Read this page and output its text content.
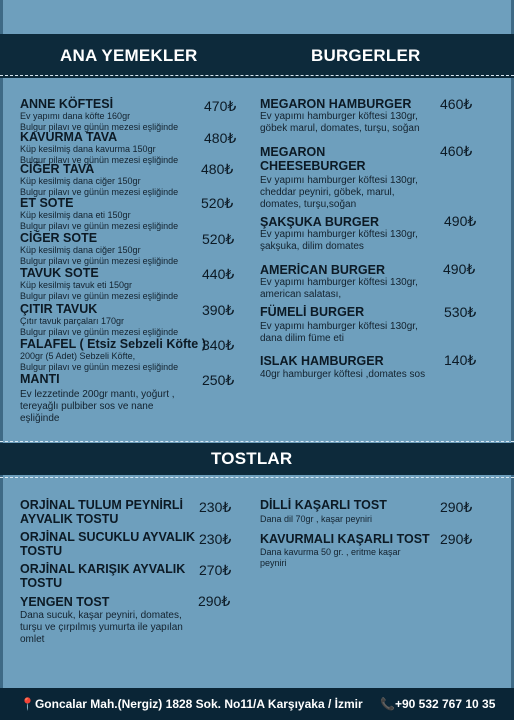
ANA YEMEKLER	BURGERLER
ANNE KÖFTESİ
Ev yapımı dana köfte 160gr
Bulgur pilavı ve günün mezesi eşliğinde
470₺
KAVURMA TAVA
Küp kesilmiş dana kavurma 150gr
Bulgur pilavı ve günün mezesi eşliğinde
480₺
CİĞER TAVA
Küp kesilmiş dana ciğer 150gr
Bulgur pilavı ve günün mezesi eşliğinde
480₺
ET SOTE
Küp kesilmiş dana eti 150gr
Bulgur pilavı ve günün mezesi eşliğinde
520₺
CİĞER SOTE
Küp kesilmiş dana ciğer 150gr
Bulgur pilavı ve günün mezesi eşliğinde
520₺
TAVUK SOTE
Küp kesilmiş tavuk eti 150gr
Bulgur pilavı ve günün mezesi eşliğinde
440₺
ÇITIR TAVUK
Çıtır tavuk parçaları 170gr
Bulgur pilavı ve günün mezesi eşliğinde
390₺
FALAFEL ( Etsiz Sebzeli Köfte )
200gr (5 Adet) Sebzeli Köfte,
Bulgur pilavı ve günün mezesi eşliğinde
340₺
MANTI
Ev lezzetinde 200gr mantı, yoğurt ,
tereyağlı pulbiber sos ve nane
eşliğinde
250₺
MEGARON HAMBURGER
Ev yapımı hamburger köftesi 130gr,
göbek marul, domates, turşu, soğan
460₺
MEGARON
CHEESEBURGER
Ev yapımı hamburger köftesi 130gr,
cheddar peyniri, göbek, marul,
domates, turşu,soğan
460₺
ŞAKŞUKA BURGER
Ev yapımı hamburger köftesi 130gr,
şakşuka, dilim domates
490₺
AMERİCAN BURGER
Ev yapımı hamburger köftesi 130gr,
american salatası,
490₺
FÜMELİ BURGER
Ev yapımı hamburger köftesi 130gr,
dana dilim füme eti
530₺
ISLAK HAMBURGER
40gr hamburger köftesi ,domates sos
140₺
TOSTLAR
ORJİNAL TULUM PEYNİRLİ
AYVALIK TOSTU
230₺
ORJİNAL SUCUKLU AYVALIK
TOSTU
230₺
ORJİNAL KARIŞIK AYVALIK
TOSTU
270₺
YENGEN TOST
Dana sucuk, kaşar peyniri, domates,
turşu ve çırpılmış yumurta ile yapılan
omlet
290₺
DİLLİ KAŞARLI TOST
Dana dil 70gr , kaşar peyniri
290₺
KAVURMALI KAŞARLI TOST
Dana kavurma 50 gr. , eritme kaşar
peyniri
290₺
📍Goncalar Mah.(Nergiz) 1828 Sok. No11/A Karşıyaka / İzmir 📞+90 532 767 10 35
